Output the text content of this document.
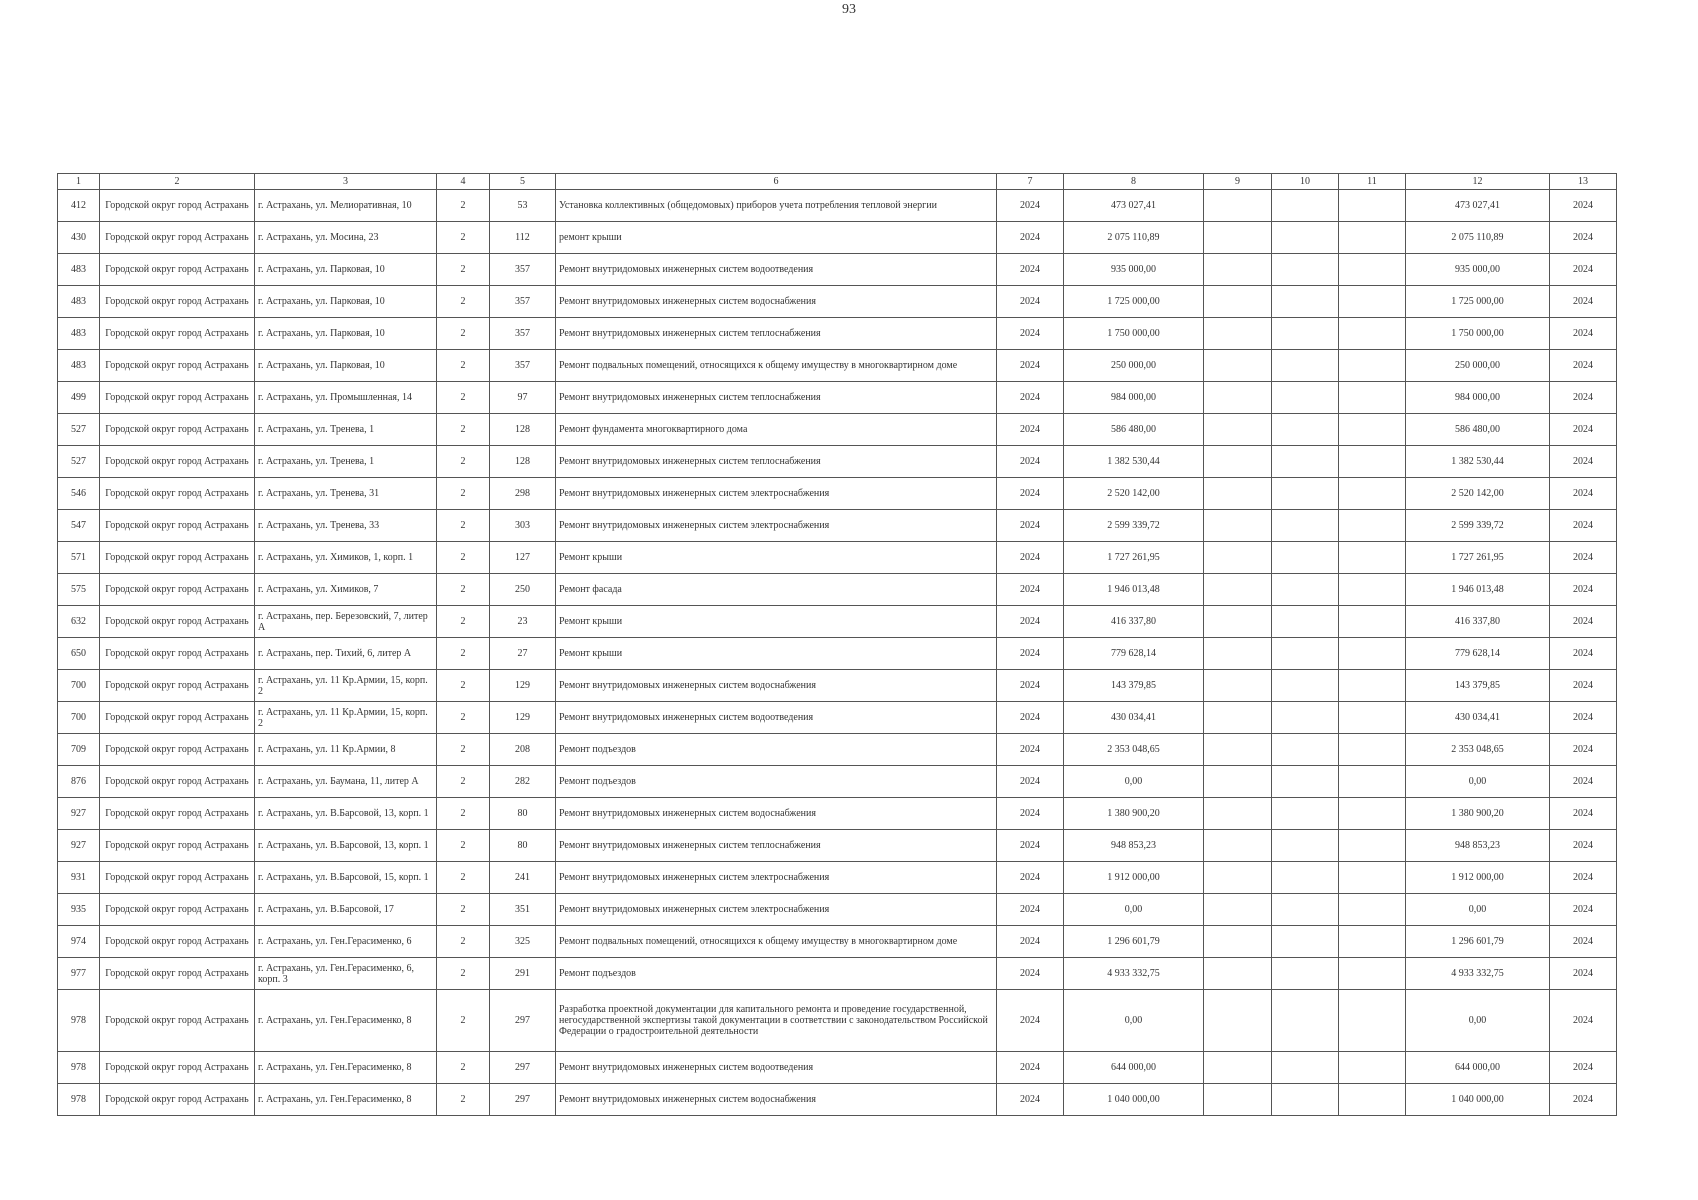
93
1	2	3	4	5	6	7	8	9	10	11	12	13
412	Городской округ город Астрахань	г. Астрахань, ул. Мелиоративная, 10	2	53	Установка коллективных (общедомовых) приборов учета потребления тепловой энергии	2024	473 027,41				473 027,41	2024
430	Городской округ город Астрахань	г. Астрахань, ул. Мосина, 23	2	112	ремонт крыши	2024	2 075 110,89				2 075 110,89	2024
483	Городской округ город Астрахань	г. Астрахань, ул. Парковая, 10	2	357	Ремонт внутридомовых инженерных систем водоотведения	2024	935 000,00				935 000,00	2024
483	Городской округ город Астрахань	г. Астрахань, ул. Парковая, 10	2	357	Ремонт внутридомовых инженерных систем водоснабжения	2024	1 725 000,00				1 725 000,00	2024
483	Городской округ город Астрахань	г. Астрахань, ул. Парковая, 10	2	357	Ремонт внутридомовых инженерных систем теплоснабжения	2024	1 750 000,00				1 750 000,00	2024
483	Городской округ город Астрахань	г. Астрахань, ул. Парковая, 10	2	357	Ремонт подвальных помещений, относящихся к общему имуществу в многоквартирном доме	2024	250 000,00				250 000,00	2024
499	Городской округ город Астрахань	г. Астрахань, ул. Промышленная, 14	2	97	Ремонт внутридомовых инженерных систем теплоснабжения	2024	984 000,00				984 000,00	2024
527	Городской округ город Астрахань	г. Астрахань, ул. Тренева, 1	2	128	Ремонт фундамента многоквартирного дома	2024	586 480,00				586 480,00	2024
527	Городской округ город Астрахань	г. Астрахань, ул. Тренева, 1	2	128	Ремонт внутридомовых инженерных систем теплоснабжения	2024	1 382 530,44				1 382 530,44	2024
546	Городской округ город Астрахань	г. Астрахань, ул. Тренева, 31	2	298	Ремонт внутридомовых инженерных систем электроснабжения	2024	2 520 142,00				2 520 142,00	2024
547	Городской округ город Астрахань	г. Астрахань, ул. Тренева, 33	2	303	Ремонт внутридомовых инженерных систем электроснабжения	2024	2 599 339,72				2 599 339,72	2024
571	Городской округ город Астрахань	г. Астрахань, ул. Химиков, 1, корп. 1	2	127	Ремонт крыши	2024	1 727 261,95				1 727 261,95	2024
575	Городской округ город Астрахань	г. Астрахань, ул. Химиков, 7	2	250	Ремонт фасада	2024	1 946 013,48				1 946 013,48	2024
632	Городской округ город Астрахань	г. Астрахань, пер. Березовский, 7, литер А	2	23	Ремонт крыши	2024	416 337,80				416 337,80	2024
650	Городской округ город Астрахань	г. Астрахань, пер. Тихий, 6, литер А	2	27	Ремонт крыши	2024	779 628,14				779 628,14	2024
700	Городской округ город Астрахань	г. Астрахань, ул. 11 Кр.Армии, 15, корп. 2	2	129	Ремонт внутридомовых инженерных систем водоснабжения	2024	143 379,85				143 379,85	2024
700	Городской округ город Астрахань	г. Астрахань, ул. 11 Кр.Армии, 15, корп. 2	2	129	Ремонт внутридомовых инженерных систем водоотведения	2024	430 034,41				430 034,41	2024
709	Городской округ город Астрахань	г. Астрахань, ул. 11 Кр.Армии, 8	2	208	Ремонт подъездов	2024	2 353 048,65				2 353 048,65	2024
876	Городской округ город Астрахань	г. Астрахань, ул. Баумана, 11, литер А	2	282	Ремонт подъездов	2024	0,00				0,00	2024
927	Городской округ город Астрахань	г. Астрахань, ул. В.Барсовой, 13, корп. 1	2	80	Ремонт внутридомовых инженерных систем водоснабжения	2024	1 380 900,20				1 380 900,20	2024
927	Городской округ город Астрахань	г. Астрахань, ул. В.Барсовой, 13, корп. 1	2	80	Ремонт внутридомовых инженерных систем теплоснабжения	2024	948 853,23				948 853,23	2024
931	Городской округ город Астрахань	г. Астрахань, ул. В.Барсовой, 15, корп. 1	2	241	Ремонт внутридомовых инженерных систем электроснабжения	2024	1 912 000,00				1 912 000,00	2024
935	Городской округ город Астрахань	г. Астрахань, ул. В.Барсовой, 17	2	351	Ремонт внутридомовых инженерных систем электроснабжения	2024	0,00				0,00	2024
974	Городской округ город Астрахань	г. Астрахань, ул. Ген.Герасименко, 6	2	325	Ремонт подвальных помещений, относящихся к общему имуществу в многоквартирном доме	2024	1 296 601,79				1 296 601,79	2024
977	Городской округ город Астрахань	г. Астрахань, ул. Ген.Герасименко, 6, корп. 3	2	291	Ремонт подъездов	2024	4 933 332,75				4 933 332,75	2024
978	Городской округ город Астрахань	г. Астрахань, ул. Ген.Герасименко, 8	2	297	Разработка проектной документации для капитального ремонта и проведение государственной, негосударственной экспертизы такой документации в соответствии с законодательством Российской Федерации о градостроительной деятельности	2024	0,00				0,00	2024
978	Городской округ город Астрахань	г. Астрахань, ул. Ген.Герасименко, 8	2	297	Ремонт внутридомовых инженерных систем водоотведения	2024	644 000,00				644 000,00	2024
978	Городской округ город Астрахань	г. Астрахань, ул. Ген.Герасименко, 8	2	297	Ремонт внутридомовых инженерных систем водоснабжения	2024	1 040 000,00				1 040 000,00	2024
